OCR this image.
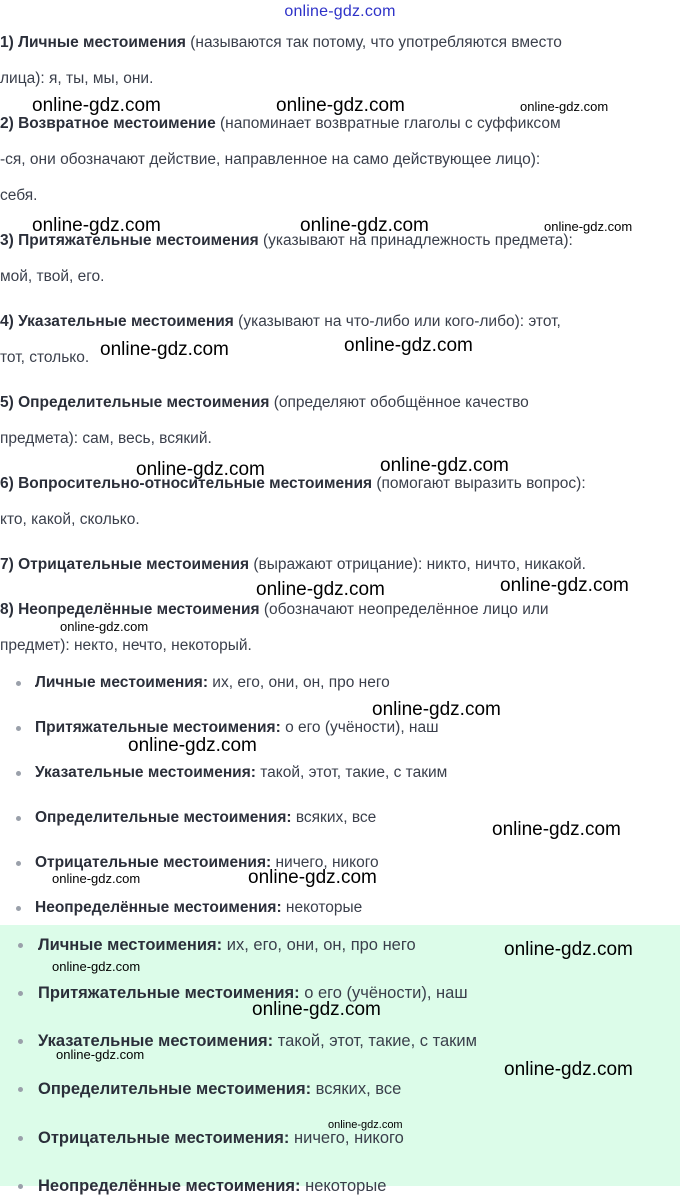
online-gdz.com

1) Личные местоимения (называются так потому, что употребляются вместо
лица): я, ты, мы, они.

2) Возвратное местоимение (напоминает возвратные глаголы с суффиксом
-ся, они обозначают действие, направленное на само действующее лицо):
себя.

3) Притяжательные местоимения (указывают на принадлежность предмета):
мой, твой, его.

4) Указательные местоимения (указывают на что-либо или кого-либо): этот,
тот, столько.

5) Определительные местоимения (определяют обобщённое качество
предмета): сам, весь, всякий.

6) Вопросительно-относительные местоимения (помогают выразить вопрос):
кто, какой, сколько.

7) Отрицательные местоимения (выражают отрицание): никто, ничто, никакой.

8) Неопределённые местоимения (обозначают неопределённое лицо или
предмет): некто, нечто, некоторый.

Личные местоимения: их, его, они, он, про него
Притяжательные местоимения: о его (учёности), наш
Указательные местоимения: такой, этот, такие, с таким
Определительные местоимения: всяких, все
Отрицательные местоимения: ничего, никого
Неопределённые местоимения: некоторые
Личные местоимения: их, его, они, он, про него
Притяжательные местоимения: о его (учёности), наш
Указательные местоимения: такой, этот, такие, с таким
Определительные местоимения: всяких, все
Отрицательные местоимения: ничего, никого
Неопределённые местоимения: некоторые
online-gdz.com	online-gdz.com	online-gdz.com
online-gdz.com	online-gdz.com	online-gdz.com
online-gdz.com	online-gdz.com
online-gdz.com	online-gdz.com
online-gdz.com	online-gdz.com
online-gdz.com
online-gdz.com
online-gdz.com
online-gdz.com
online-gdz.com	online-gdz.com
online-gdz.com
online-gdz.com
online-gdz.com
online-gdz.com
online-gdz.com
online-gdz.com
